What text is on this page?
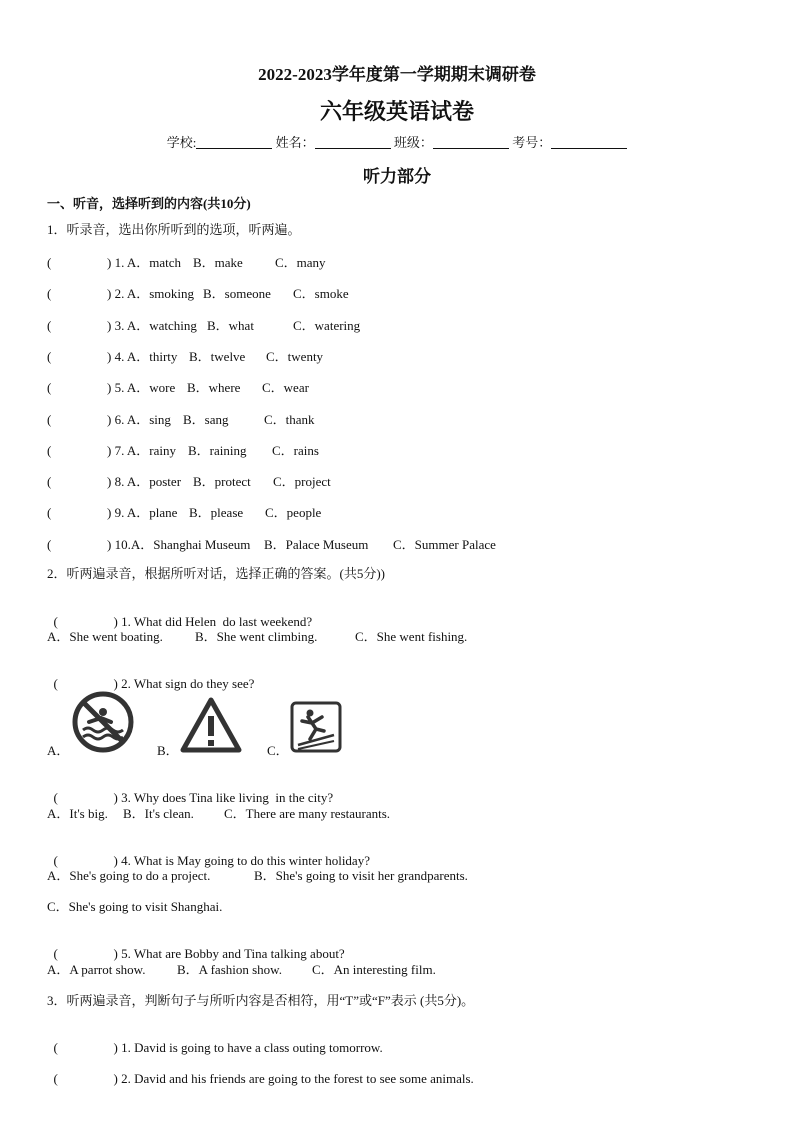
2022-2023学年度第一学期期末调研卷
六年级英语试卷
学校:	姓名：	班级：	考号：
听力部分
一、听音，选择听到的内容(共10分)
1．听录音，选出你所听到的选项，听两遍。
(	) 1. A．match B．make C．many
(	) 2. A．smoking B．someone C．smoke
(	) 3. A．watching B．what	C．watering
(	) 4. A．thirty B．twelve C．twenty
(	) 5. A．wore B．where C．wear
(	) 6. A．sing B．sang	C．thank
(	) 7. A．rainy B．raining C．rains
(	) 8. A．poster B．protect C．project
(	) 9. A．plane B．please C．people
(	) 10.A．Shanghai Museum B．Palace Museum C．Summer Palace
2．听两遍录音，根据所听对话，选择正确的答案。(共5分))

(	) 1. What did Helen  do last weekend?

A．She went boating.

B．She went climbing.

	C．She went fishing.

(	) 2. What sign do they see?

A．	B．	C．

(	) 3. Why does Tina like living  in the city?

A．It's big.

B．It's clean.

C．There are many restaurants.

(	) 4. What is May going to do this winter holiday?

A．She's going to do a project.

	B．She's going to visit her grandparents.

C．She's going to visit Shanghai.

(	) 5. What are Bobby and Tina talking about?

A．A parrot show.

B．A fashion show.

C．An interesting film.

3．听两遍录音，判断句子与所听内容是否相符，用“T”或“F”表示 (共5分)。

(	) 1. David is going to have a class outing tomorrow.

(	) 2. David and his friends are going to the forest to see some animals.
